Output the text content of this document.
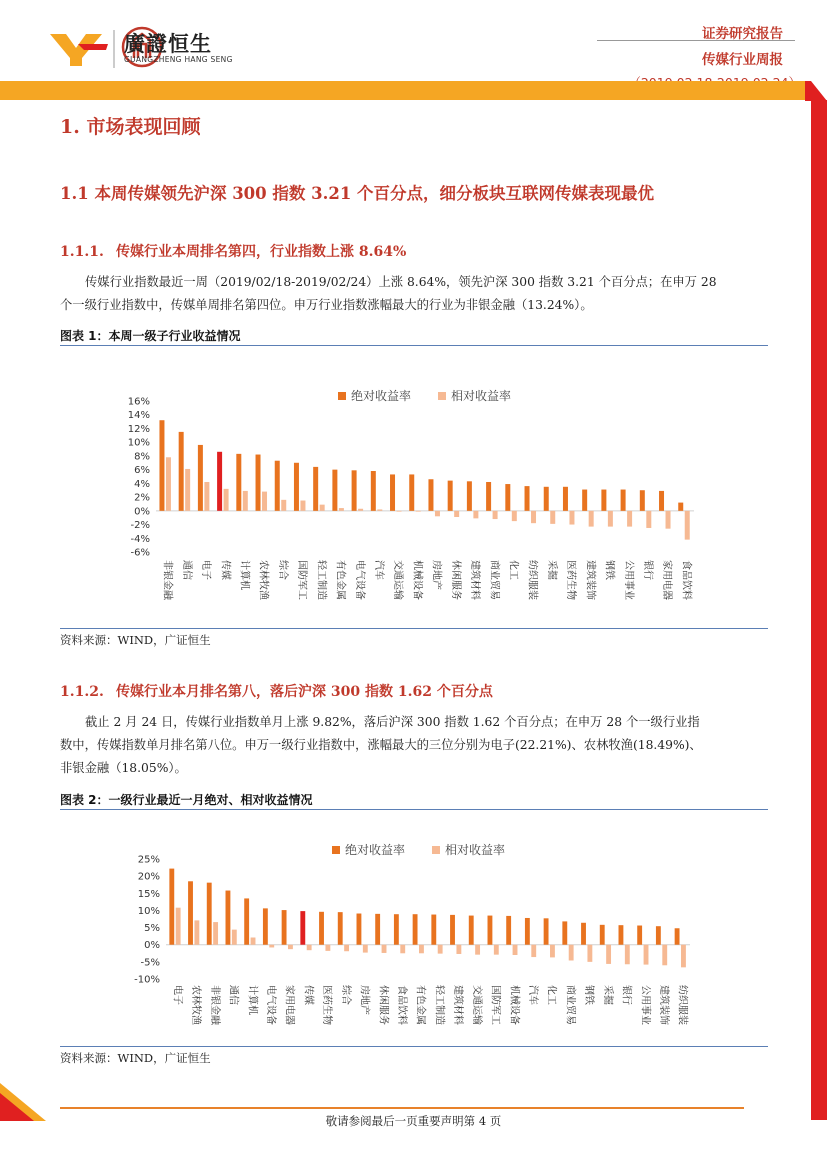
廣證恒生
GUANGZHENG HANG SENG
证券研究报告
传媒行业周报
1. 市场表现回顾
1.1 本周传媒领先沪深 300 指数 3.21 个百分点，细分板块互联网传媒表现最优
1.1.1. 传媒行业本周排名第四，行业指数上涨 8.64%
传媒行业指数最近一周（2019/02/18-2019/02/24）上涨 8.64%，领先沪深 300 指数 3.21 个百分点；在申万 28
个一级行业指数中，传媒单周排名第四位。申万行业指数涨幅最大的行业为非银金融（13.24%）。
图表 1：本周一级子行业收益情况
16%
14%
12%
10%
8%
6%
4%
2%
0%
-2%
-4%
-6%
非银金融 通信 电子 传媒 计算机 农林牧渔 综合 国防军工 轻工制造 有色金属 电气设备 汽车 交通运输 机械设备 房地产 休闲服务 建筑材料 商业贸易 化工 纺织服装 采掘 医药生物 建筑装饰 钢铁 公用事业 银行 家用电器 食品饮料
绝对收益率	相对收益率
资料来源：WIND，广证恒生
1.1.2. 传媒行业本月排名第八，落后沪深 300 指数 1.62 个百分点
截止 2 月 24 日，传媒行业指数单月上涨 9.82%，落后沪深 300 指数 1.62 个百分点；在申万 28 个一级行业指
数中，传媒指数单月排名第八位。申万一级行业指数中，涨幅最大的三位分别为电子(22.21%)、农林牧渔(18.49%)、
非银金融（18.05%）。
图表 2：一级行业最近一月绝对、相对收益情况
25%
20%
15%
10%
5%
0%
-5%
-10%
电子 农林牧渔 非银金融 通信 计算机 电气设备 家用电器 传媒 医药生物 综合 房地产 休闲服务 食品饮料 有色金属 轻工制造 建筑材料 交通运输 国防军工 机械设备 汽车 化工 商业贸易 钢铁 采掘 银行 公用事业 建筑装饰 纺织服装
绝对收益率	相对收益率
资料来源：WIND，广证恒生
敬请参阅最后一页重要声明第 4 页
